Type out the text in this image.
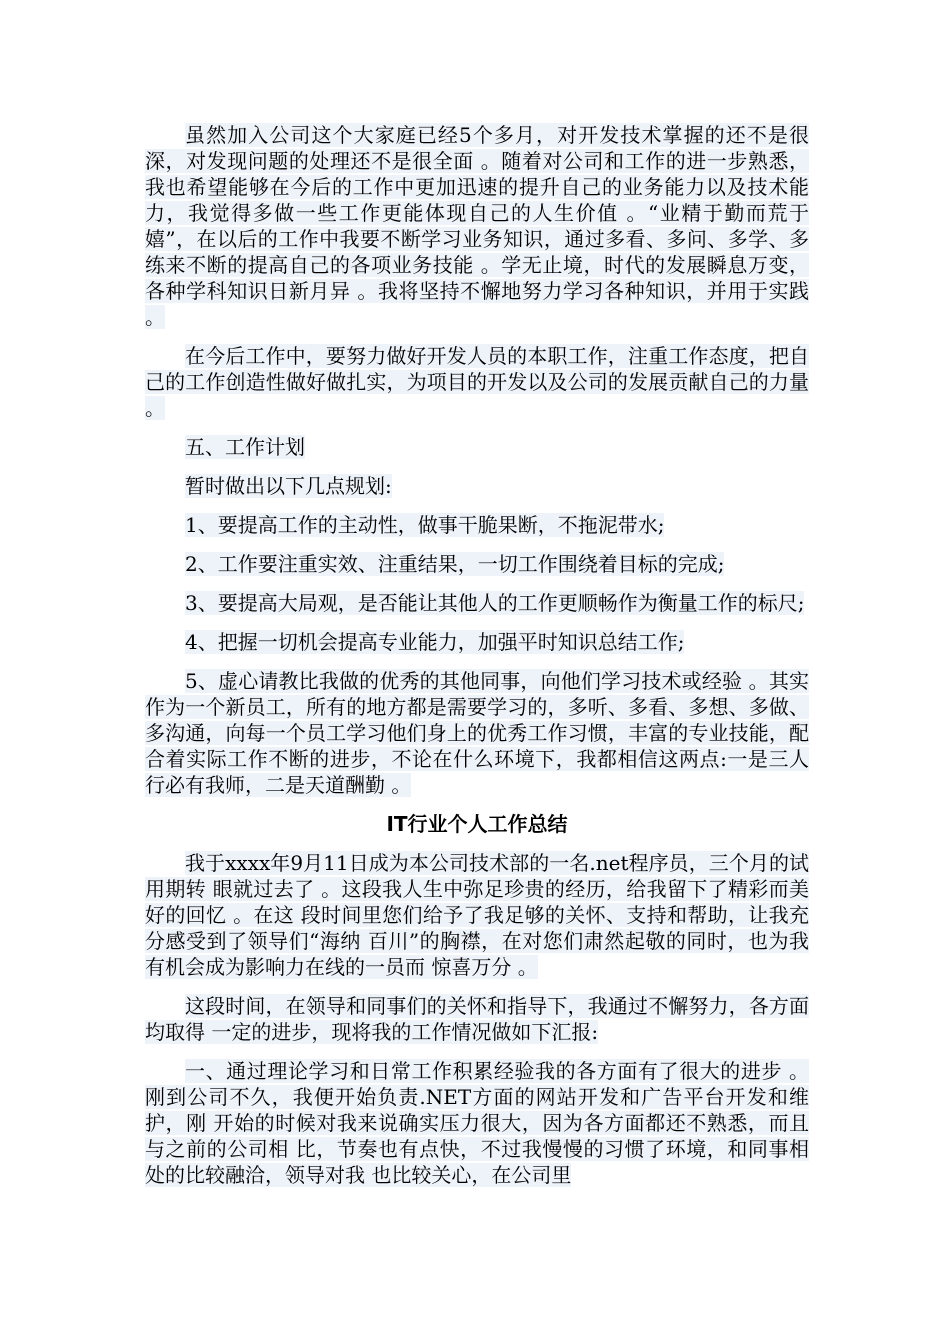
虽然加入公司这个大家庭已经5个多月，对开发技术掌握的还不是很深，对发现问题的处理还不是很全面 。随着对公司和工作的进一步熟悉，我也希望能够在今后的工作中更加迅速的提升自己的业务能力以及技术能力，我觉得多做一些工作更能体现自己的人生价值 。“业精于勤而荒于嬉”，在以后的工作中我要不断学习业务知识，通过多看、多问、多学、多练来不断的提高自己的各项业务技能 。学无止境，时代的发展瞬息万变，各种学科知识日新月异 。我将坚持不懈地努力学习各种知识，并用于实践 。

在今后工作中，要努力做好开发人员的本职工作，注重工作态度，把自己的工作创造性做好做扎实，为项目的开发以及公司的发展贡献自己的力量 。

五、工作计划

暂时做出以下几点规划:

1、要提高工作的主动性，做事干脆果断，不拖泥带水;

2、工作要注重实效、注重结果，一切工作围绕着目标的完成;

3、要提高大局观，是否能让其他人的工作更顺畅作为衡量工作的标尺;

4、把握一切机会提高专业能力，加强平时知识总结工作;

5、虚心请教比我做的优秀的其他同事，向他们学习技术或经验 。其实作为一个新员工，所有的地方都是需要学习的，多听、多看、多想、多做、多沟通，向每一个员工学习他们身上的优秀工作习惯，丰富的专业技能，配合着实际工作不断的进步，不论在什么环境下，我都相信这两点:一是三人行必有我师，二是天道酬勤 。

IT行业个人工作总结

我于xxxx年9月11日成为本公司技术部的一名.net程序员，三个月的试用期转 眼就过去了 。这段我人生中弥足珍贵的经历，给我留下了精彩而美好的回忆 。在这 段时间里您们给予了我足够的关怀、支持和帮助，让我充分感受到了领导们“海纳 百川”的胸襟，在对您们肃然起敬的同时，也为我有机会成为影响力在线的一员而 惊喜万分 。

这段时间，在领导和同事们的关怀和指导下，我通过不懈努力，各方面均取得 一定的进步，现将我的工作情况做如下汇报:

一、通过理论学习和日常工作积累经验我的各方面有了很大的进步 。 刚到公司不久，我便开始负责.NET方面的网站开发和广告平台开发和维护，刚 开始的时候对我来说确实压力很大，因为各方面都还不熟悉，而且与之前的公司相 比，节奏也有点快，不过我慢慢的习惯了环境，和同事相处的比较融洽，领导对我 也比较关心，在公司里
